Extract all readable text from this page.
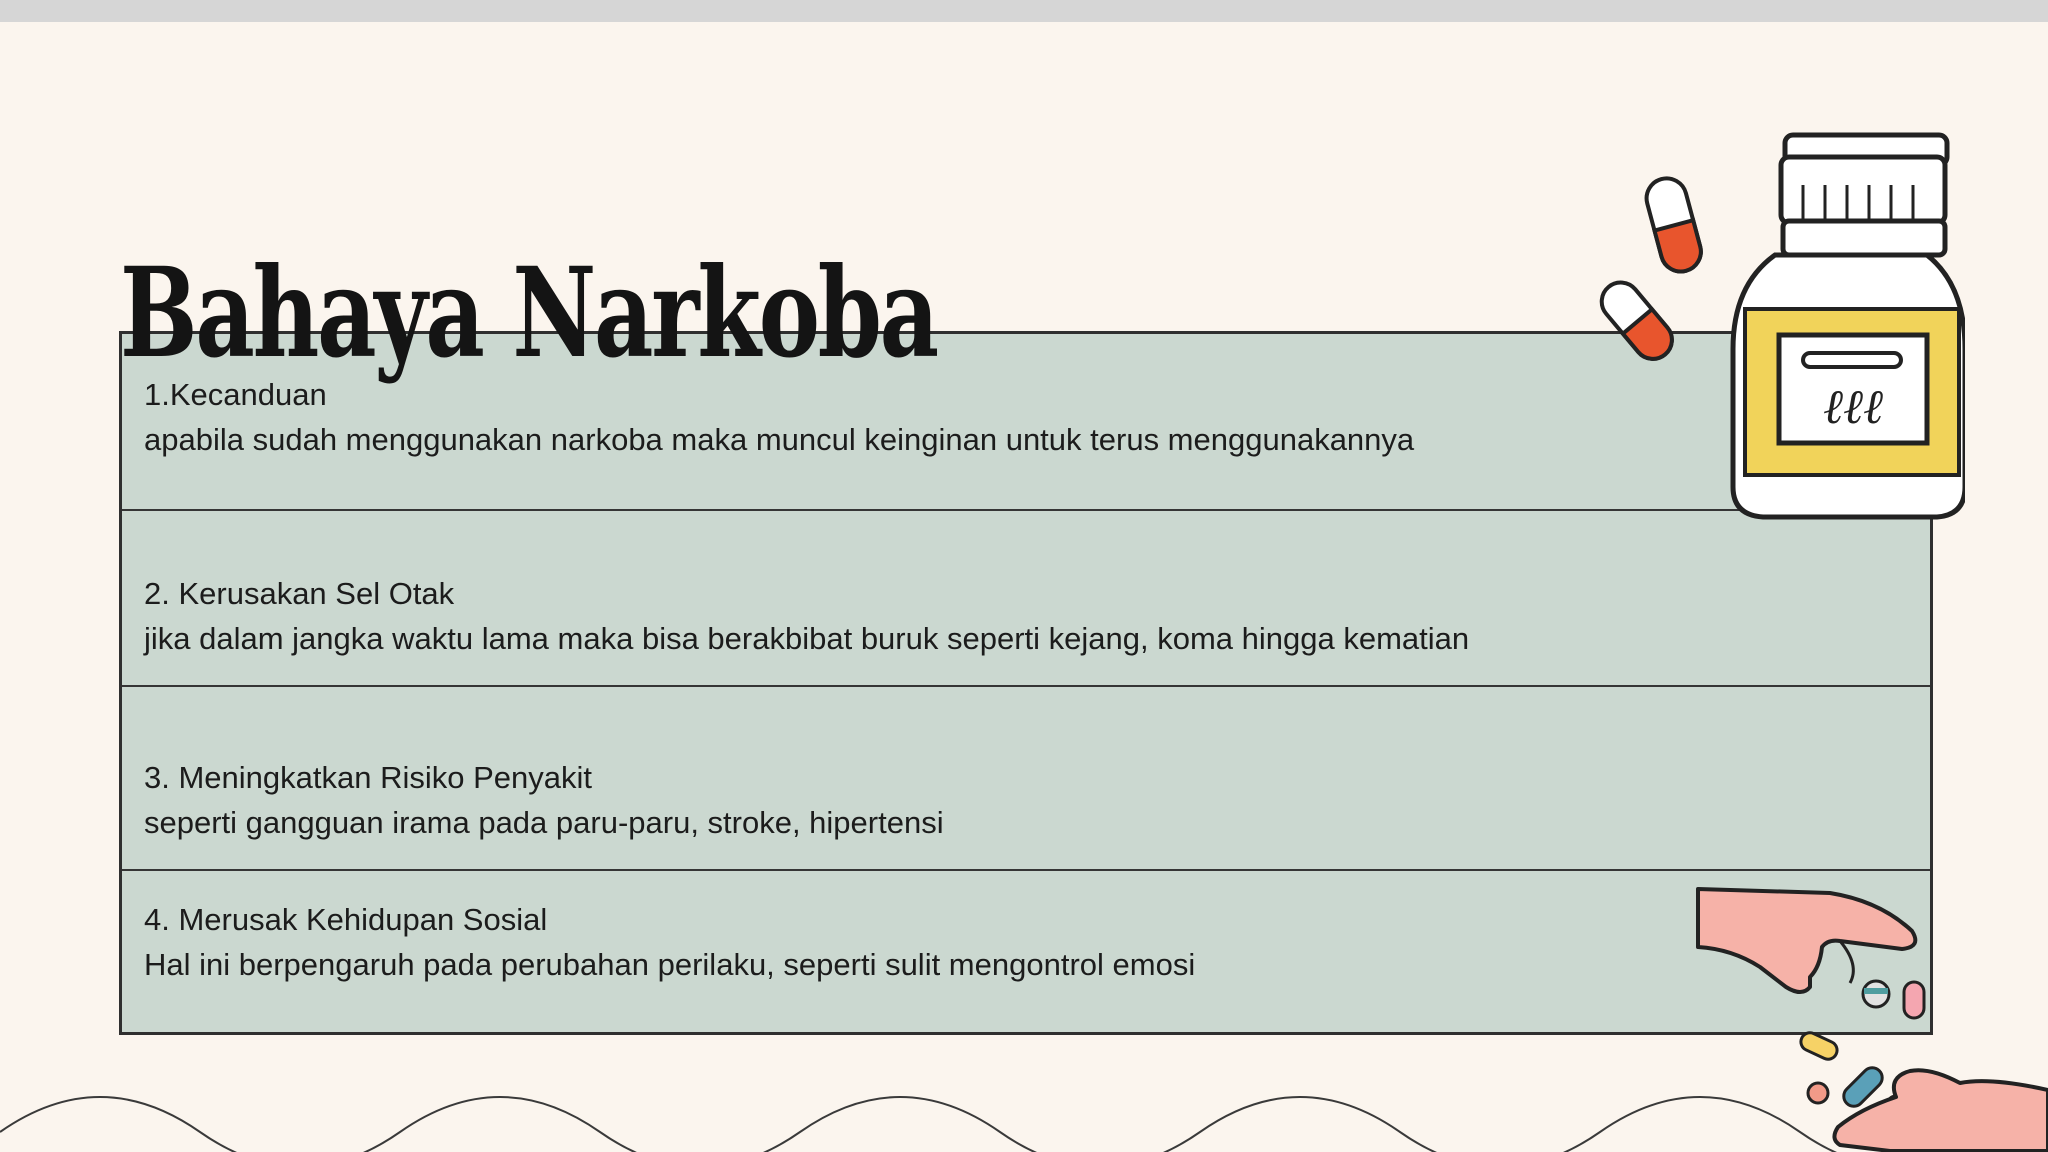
Bahaya Narkoba

1.Kecanduan
apabila sudah menggunakan narkoba maka muncul keinginan untuk terus menggunakannya

2. Kerusakan Sel Otak
jika dalam jangka waktu lama maka bisa berakbibat buruk seperti kejang, koma hingga kematian

3. Meningkatkan Risiko Penyakit
seperti gangguan irama pada paru-paru, stroke, hipertensi

4. Merusak Kehidupan Sosial
Hal ini berpengaruh pada perubahan perilaku, seperti sulit mengontrol emosi

ℓℓℓ
